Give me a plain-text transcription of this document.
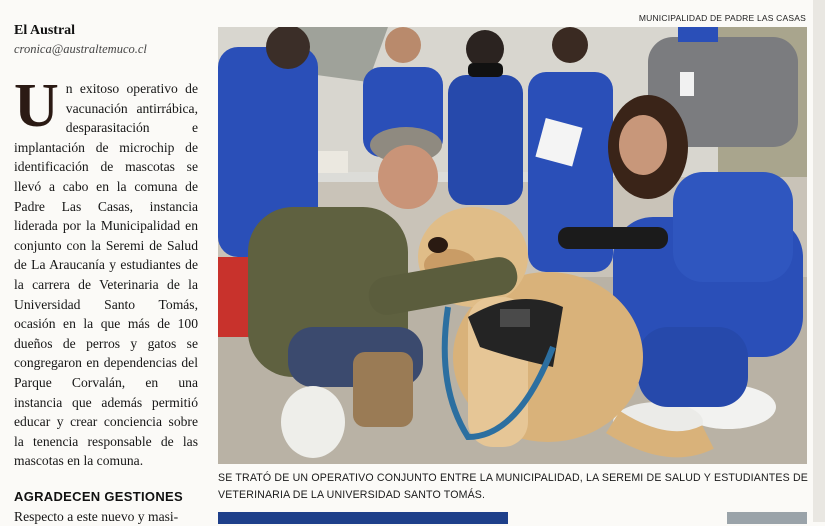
El Austral
cronica@australtemuco.cl
Un exitoso operativo de vacunación antirrábica, desparasitación e implantación de microchip de identificación de mascotas se llevó a cabo en la comuna de Padre Las Casas, instancia liderada por la Municipalidad en conjunto con la Seremi de Salud de La Araucanía y estudiantes de la carrera de Veterinaria de la Universidad Santo Tomás, ocasión en la que más de 100 dueños de perros y gatos se congregaron en dependencias del Parque Corvalán, en una instancia que además permitió educar y crear conciencia sobre la tenencia responsable de las mascotas en la comuna.
AGRADECEN GESTIONES
Respecto a este nuevo y masi-
MUNICIPALIDAD DE PADRE LAS CASAS
SE TRATÓ DE UN OPERATIVO CONJUNTO ENTRE LA MUNICIPALIDAD, LA SEREMI DE SALUD Y ESTUDIANTES DE VETERINARIA DE LA UNIVERSIDAD SANTO TOMÁS.
